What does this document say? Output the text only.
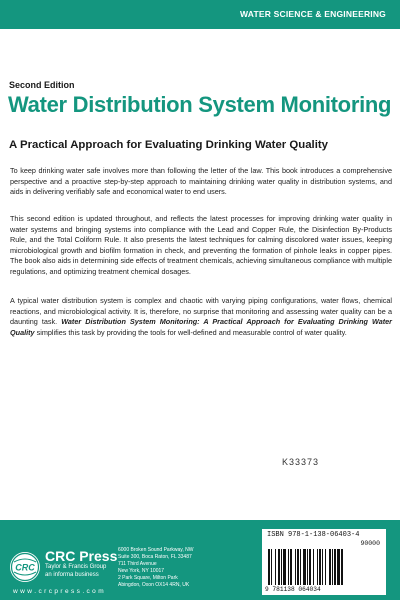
WATER SCIENCE & ENGINEERING
Second Edition
Water Distribution System Monitoring
A Practical Approach for Evaluating Drinking Water Quality

To keep drinking water safe involves more than following the letter of the law. This book introduces a comprehensive perspective and a proactive step-by-step approach to maintaining drinking water quality in distribution systems, and aids in delivering verifiably safe and economical water to end users.

This second edition is updated throughout, and reflects the latest processes for improving drinking water quality in water systems and bringing systems into compliance with the Lead and Copper Rule, the Disinfection By-Products Rule, and the Total Coliform Rule. It also presents the latest techniques for calming discolored water issues, keeping microbiological growth and biofilm formation in check, and preventing the formation of pinhole leaks in copper pipes. The book also aids in determining side effects of treatment chemicals, achieving simultaneous compliance with multiple regulations, and optimizing treatment chemical dosages.

A typical water distribution system is complex and chaotic with varying piping configurations, water flows, chemical reactions, and microbiological activity. It is, therefore, no surprise that monitoring and assessing water quality can be a daunting task. Water Distribution System Monitoring: A Practical Approach for Evaluating Drinking Water Quality simplifies this task by providing the tools for well-defined and measurable control of water quality.

K33373
CRC
CRC Press
Taylor & Francis Group
an informa business
w w w . c r c p r e s s . c o m
6000 Broken Sound Parkway, NW
Suite 300, Boca Raton, FL 33487
711 Third Avenue
New York, NY 10017
2 Park Square, Milton Park
Abingdon, Oxon OX14 4RN, UK
ISBN 978-1-138-06403-4
90000
9 781138 064034
